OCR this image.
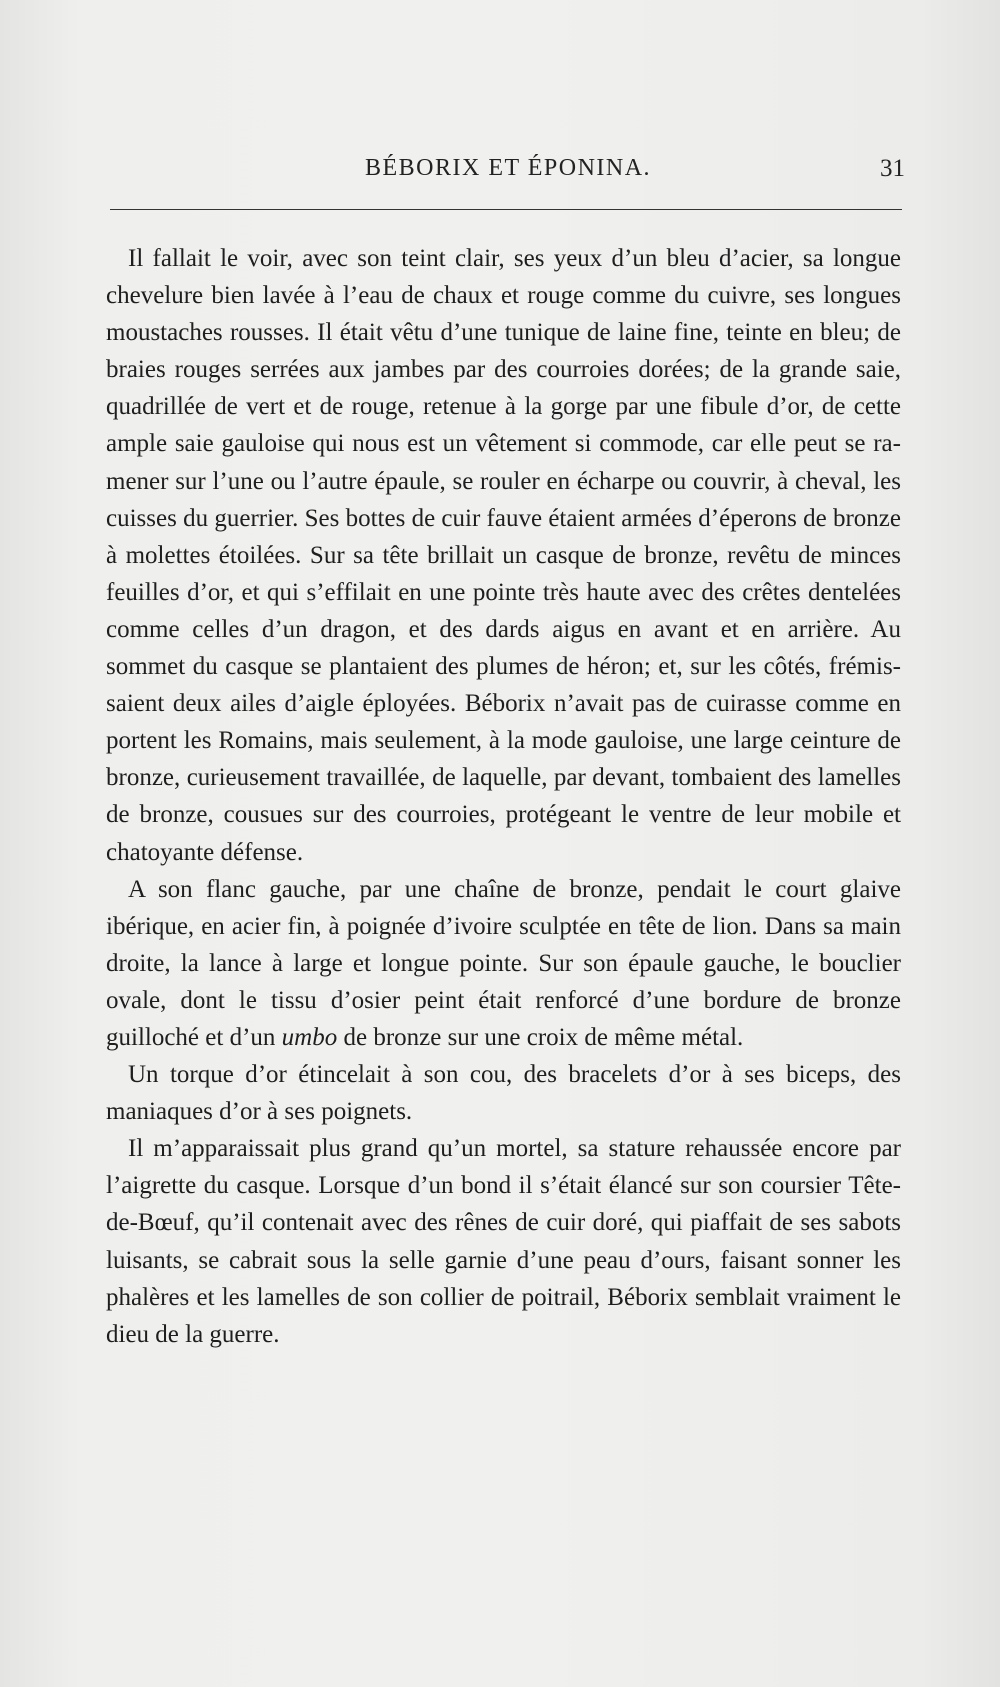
BÉBORIX ET ÉPONINA.	31

Il fallait le voir, avec son teint clair, ses yeux d’un bleu d’acier, sa longue chevelure bien lavée à l’eau de chaux et rouge comme du cuivre, ses longues moustaches rousses. Il était vêtu d’une tunique de laine fine, teinte en bleu; de braies rouges serrées aux jambes par des courroies dorées; de la grande saie, quadrillée de vert et de rouge, retenue à la gorge par une fibule d’or, de cette ample saie gauloise qui nous est un vêtement si commode, car elle peut se ramener sur l’une ou l’autre épaule, se rouler en écharpe ou couvrir, à cheval, les cuisses du guerrier. Ses bottes de cuir fauve étaient armées d’éperons de bronze à molettes étoilées. Sur sa tête brillait un casque de bronze, revêtu de minces feuilles d’or, et qui s’effilait en une pointe très haute avec des crêtes dentelées comme celles d’un dragon, et des dards aigus en avant et en arrière. Au sommet du casque se plantaient des plumes de héron; et, sur les côtés, frémissaient deux ailes d’aigle éployées. Béborix n’avait pas de cuirasse comme en portent les Romains, mais seulement, à la mode gauloise, une large ceinture de bronze, curieusement travaillée, de laquelle, par devant, tombaient des lamelles de bronze, cousues sur des courroies, protégeant le ventre de leur mobile et chatoyante défense.

A son flanc gauche, par une chaîne de bronze, pendait le court glaive ibérique, en acier fin, à poignée d’ivoire sculptée en tête de lion. Dans sa main droite, la lance à large et longue pointe. Sur son épaule gauche, le bouclier ovale, dont le tissu d’osier peint était renforcé d’une bordure de bronze guilloché et d’un umbo de bronze sur une croix de même métal.

Un torque d’or étincelait à son cou, des bracelets d’or à ses biceps, des maniaques d’or à ses poignets.

Il m’apparaissait plus grand qu’un mortel, sa stature rehaussée encore par l’aigrette du casque. Lorsque d’un bond il s’était élancé sur son coursier Tête-de-Bœuf, qu’il contenait avec des rênes de cuir doré, qui piaffait de ses sabots luisants, se cabrait sous la selle garnie d’une peau d’ours, faisant sonner les phalères et les lamelles de son collier de poitrail, Béborix semblait vraiment le dieu de la guerre.
